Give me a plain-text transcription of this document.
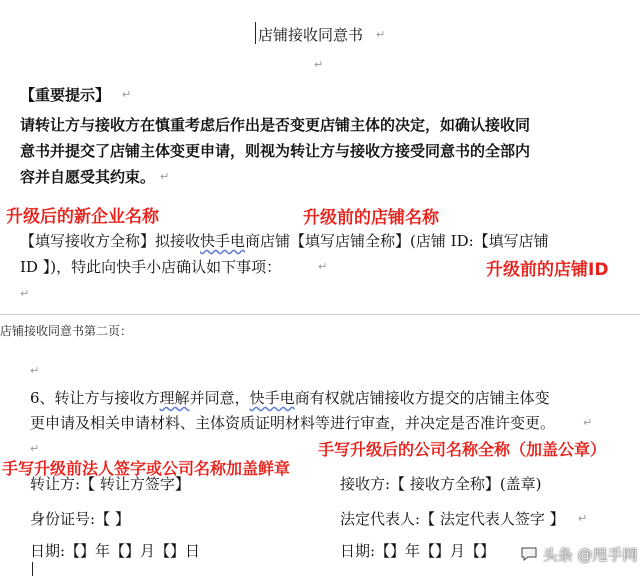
店铺接收同意书 ↵
↵
【重要提示】 ↵
请转让方与接收方在慎重考虑后作出是否变更店铺主体的决定，如确认接收同
意书并提交了店铺主体变更申请，则视为转让方与接收方接受同意书的全部内
容并自愿受其约束。 ↵
升级后的新企业名称	升级前的店铺名称
【填写接收方全称】拟接收快手电商店铺【填写店铺全称】(店铺 ID:【填写店铺
ID 】)，特此向快手小店确认如下事项：	↵	升级前的店铺ID
↵
店铺接收同意书第二页：
↵
6、转让方与接收方理解并同意，快手电商有权就店铺接收方提交的店铺主体变
更申请及相关申请材料、主体资质证明材料等进行审查，并决定是否准许变更。	↵
↵	手写升级后的公司名称全称（加盖公章）
手写升级前法人签字或公司名称加盖鲜章
转让方:【 转让方签字】	接收方:【 接收方全称】(盖章)
身份证号:【 】	法定代表人:【 法定代表人签字 】 ↵
日期:【】年【】月【】日	日期:【】年【】月【】	头条 @甩手网
